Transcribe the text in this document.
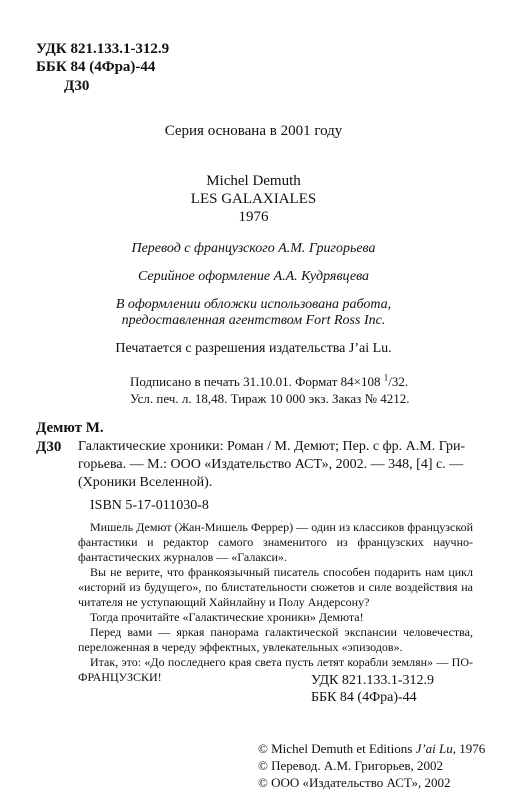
УДК 821.133.1-312.9
ББК 84 (4Фра)-44
Д30
Серия основана в 2001 году
Michel Demuth
LES GALAXIALES
1976
Перевод с французского А.М. Григорьева
Серийное оформление А.А. Кудрявцева
В оформлении обложки использована работа,
предоставленная агентством Fort Ross Inc.
Печатается с разрешения издательства J’ai Lu.
Подписано в печать 31.10.01. Формат 84×108 $^1$/32.
Усл. печ. л. 18,48. Тираж 10 000 экз. Заказ № 4212.
Демют М.
Д30 Галактические хроники: Роман / М. Демют; Пер. с фр. А.М. Гри-
горьева. — М.: ООО «Издательство АСТ», 2002. — 348, [4] с. —
(Хроники Вселенной).
ISBN 5-17-011030-8
Мишель Демют (Жан-Мишель Феррер) — один из классиков французской фантастики и редактор самого знаменитого из французских научно-фантастических журналов — «Галакси».
Вы не верите, что франкоязычный писатель способен подарить нам цикл «историй из будущего», по блистательности сюжетов и силе воздействия на читателя не уступающий Хайнлайну и Полу Андерсону?
Тогда прочитайте «Галактические хроники» Демюта!
Перед вами — яркая панорама галактической экспансии человечества, переложенная в череду эффектных, увлекательных «эпизодов».
Итак, это: «До последнего края света пусть летят корабли землян» — ПО-ФРАНЦУЗСКИ!	УДК 821.133.1-312.9
ББК 84 (4Фра)-44
© Michel Demuth et Editions J’ai Lu, 1976
© Перевод. А.М. Григорьев, 2002
© ООО «Издательство АСТ», 2002
